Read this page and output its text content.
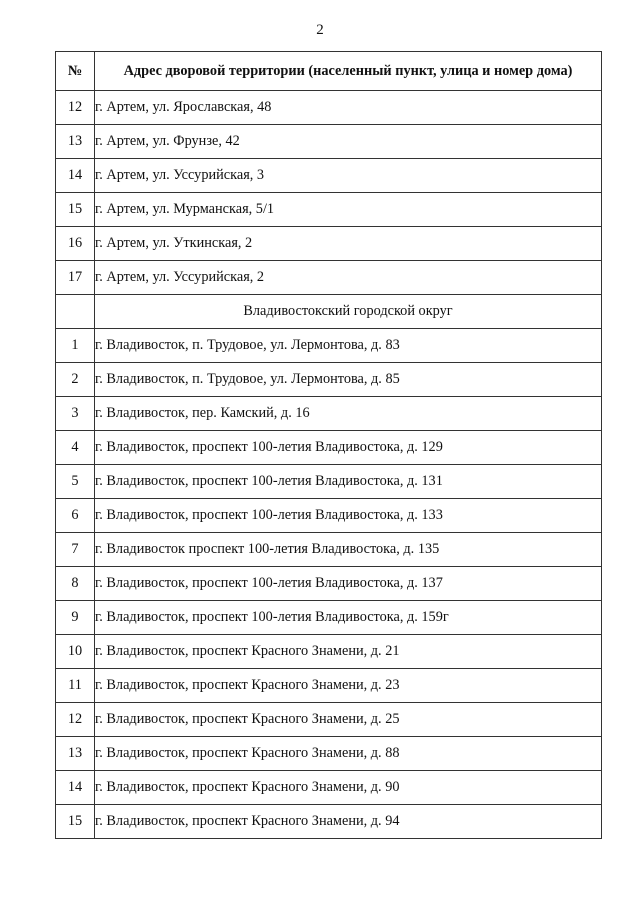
2
№	Адрес дворовой территории (населенный пункт, улица и номер дома)
12	г. Артем, ул. Ярославская, 48
13	г. Артем, ул. Фрунзе, 42
14	г. Артем, ул. Уссурийская, 3
15	г. Артем, ул. Мурманская, 5/1
16	г. Артем, ул. Уткинская, 2
17	г. Артем, ул. Уссурийская, 2
	Владивостокский городской округ
1	г. Владивосток, п. Трудовое, ул. Лермонтова, д. 83
2	г. Владивосток, п. Трудовое, ул. Лермонтова, д. 85
3	г. Владивосток, пер. Камский, д. 16
4	г. Владивосток, проспект 100-летия Владивостока, д. 129
5	г. Владивосток, проспект 100-летия Владивостока, д. 131
6	г. Владивосток, проспект 100-летия Владивостока, д. 133
7	г. Владивосток проспект 100-летия Владивостока, д. 135
8	г. Владивосток, проспект 100-летия Владивостока, д. 137
9	г. Владивосток, проспект 100-летия Владивостока, д. 159г
10	г. Владивосток, проспект Красного Знамени, д. 21
11	г. Владивосток, проспект Красного Знамени, д. 23
12	г. Владивосток, проспект Красного Знамени, д. 25
13	г. Владивосток, проспект Красного Знамени, д. 88
14	г. Владивосток, проспект Красного Знамени, д. 90
15	г. Владивосток, проспект Красного Знамени, д. 94
